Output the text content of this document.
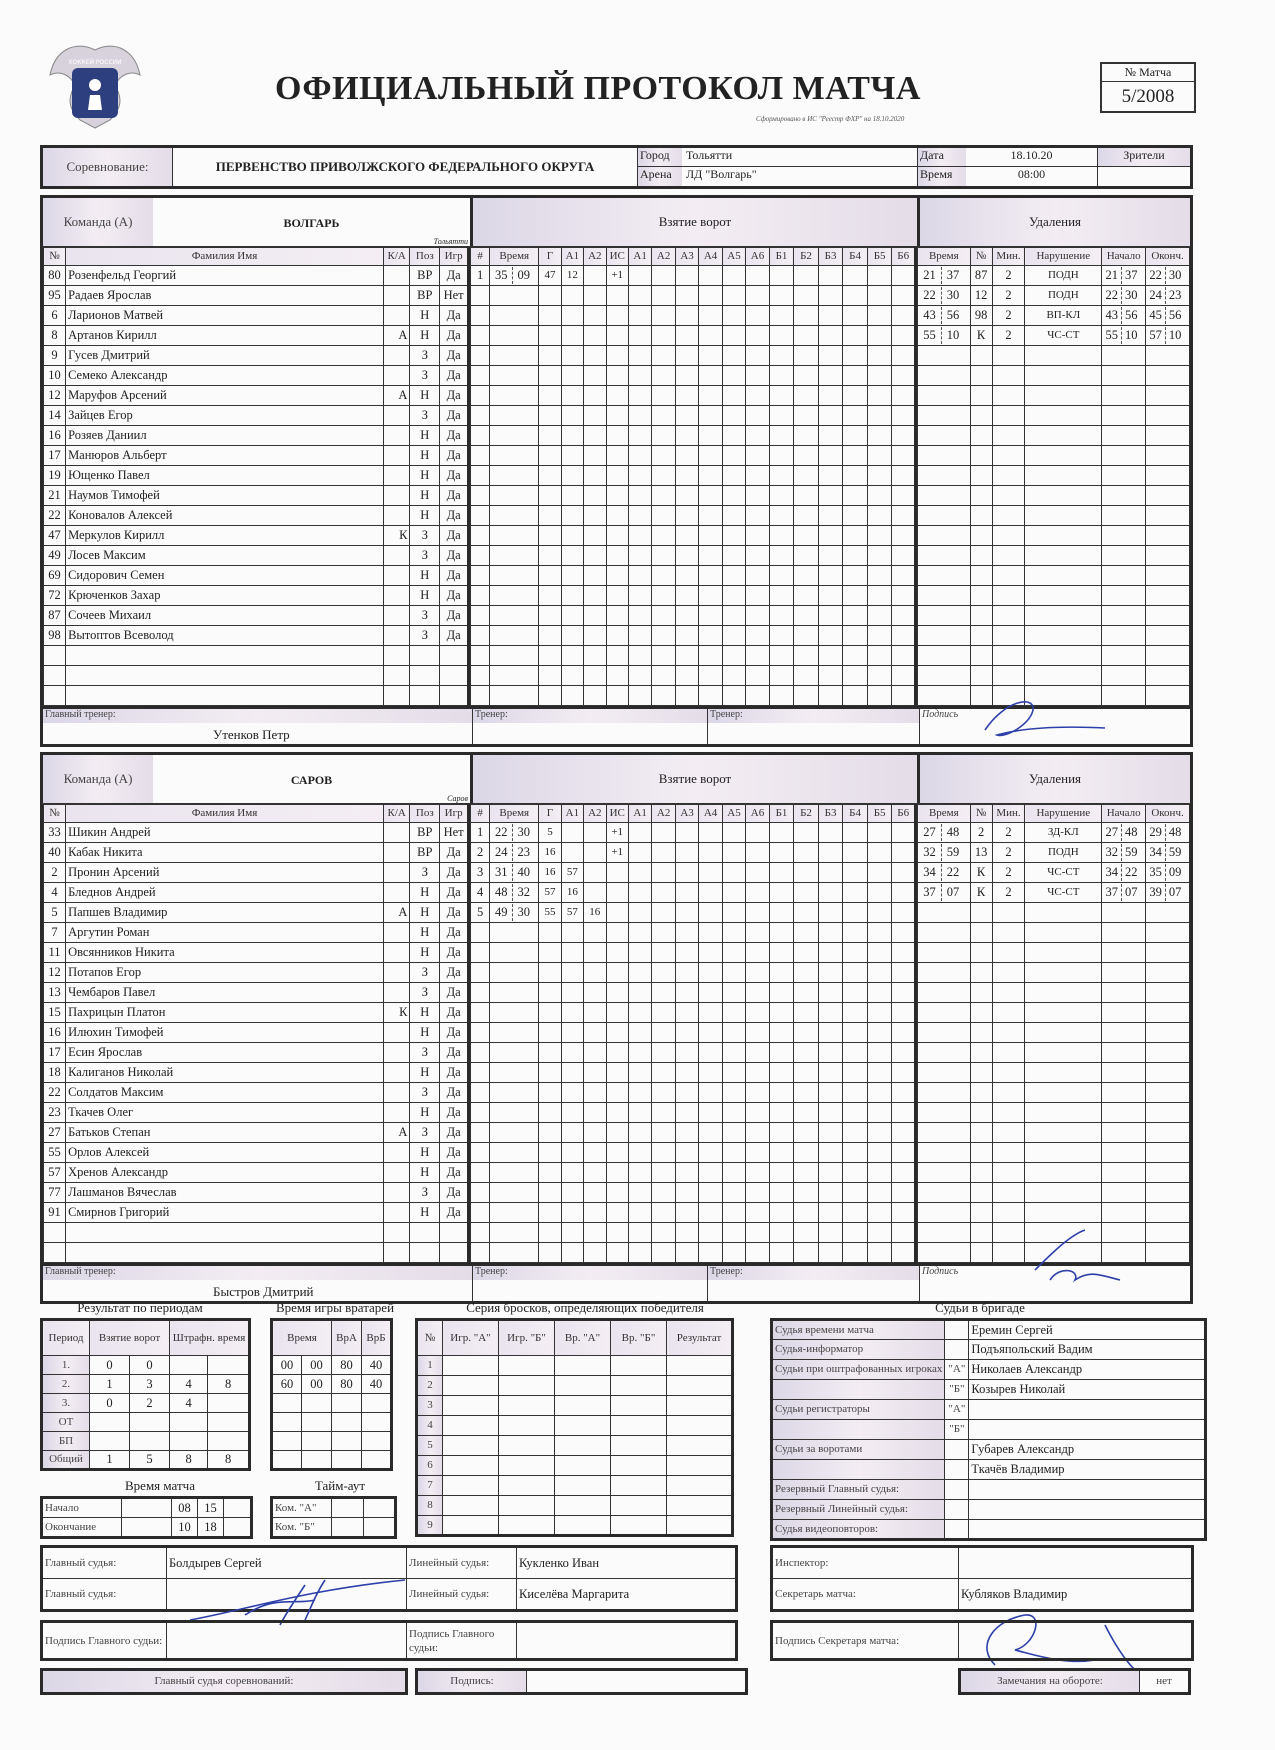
ХОККЕЙ РОССИИ
ОФИЦИАЛЬНЫЙ ПРОТОКОЛ МАТЧА
Сформировано в ИС "Реестр ФХР" на 18.10.2020
№ Матча
5/2008
Соревнование:	ПЕРВЕНСТВО ПРИВОЛЖСКОГО ФЕДЕРАЛЬНОГО ОКРУГА
Город	Тольятти
Арена	ЛД "Волгарь"
Дата	18.10.20
Время	08:00
Зрители
Команда (А)	ВОЛГАРЬ
Тольятти
Взятие ворот	Удаления
№	Фамилия Имя	К/А	Поз	Игр
80	Розенфельд Георгий		ВР	Да
95	Радаев Ярослав		ВР	Нет
6	Ларионов Матвей		Н	Да
8	Артанов Кирилл	А	Н	Да
9	Гусев Дмитрий		З	Да
10	Семеко Александр		З	Да
12	Маруфов Арсений	А	Н	Да
14	Зайцев Егор		З	Да
16	Розяев Даниил		Н	Да
17	Манюров Альберт		Н	Да
19	Ющенко Павел		Н	Да
21	Наумов Тимофей		Н	Да
22	Коновалов Алексей		Н	Да
47	Меркулов Кирилл	К	З	Да
49	Лосев Максим		З	Да
69	Сидорович Семен		Н	Да
72	Крюченков Захар		Н	Да
87	Сочеев Михаил		З	Да
98	Вытоптов Всеволод		З	Да

#	Время	Г	А1	А2	ИС	А1	А2	А3	А4	А5	А6	Б1	Б2	Б3	Б4	Б5	Б6
1	35 09	47	12		+1												

Время	№	Мин.	Нарушение	Начало	Оконч.

21 37	87	2	ПОДН	21 37	22 30

22 30	12	2	ПОДН	22 30	24 23

43 56	98	2	ВП-КЛ	43 56	45 56

55 10	К	2	ЧС-СТ	55 10	57 10

Главный тренер:
Утенков Петр
Тренер:	Тренер:	Подпись
Команда (А)	САРОВ
Саров
Взятие ворот	Удаления
№	Фамилия Имя	К/А	Поз	Игр
33	Шикин Андрей		ВР	Нет
40	Кабак Никита		ВР	Да
2	Пронин Арсений		З	Да
4	Бледнов Андрей		Н	Да
5	Папшев Владимир	А	Н	Да
7	Аргутин Роман		Н	Да
11	Овсянников Никита		Н	Да
12	Потапов Егор		З	Да
13	Чембаров Павел		З	Да
15	Пахрицын Платон	К	Н	Да
16	Илюхин Тимофей		Н	Да
17	Есин Ярослав		З	Да
18	Калиганов Николай		Н	Да
22	Солдатов Максим		З	Да
23	Ткачев Олег		Н	Да
27	Батьков Степан	А	З	Да
55	Орлов Алексей		Н	Да
57	Хренов Александр		Н	Да
77	Лашманов Вячеслав		З	Да
91	Смирнов Григорий		Н	Да

#	Время	Г	А1	А2	ИС	А1	А2	А3	А4	А5	А6	Б1	Б2	Б3	Б4	Б5	Б6
1	22 30	5			+1												
2	24 23	16			+1												
3	31 40	16	57														
4	48 32	57	16														
5	49 30	55	57	16													

Время	№	Мин.	Нарушение	Начало	Оконч.

27 48	2	2	ЗД-КЛ	27 48	29 48

32 59	13	2	ПОДН	32 59	34 59

34 22	К	2	ЧС-СТ	34 22	35 09

37 07	К	2	ЧС-СТ	37 07	39 07

Главный тренер:
Быстров Дмитрий
Тренер:	Тренер:	Подпись
Результат по периодам
Период	Взятие ворот		Штрафн. время	
1.	0	0		
2.	1	3	4	8
3.	0	2	4	
ОТ				
БП				
Общий	1	5	8	8
Время игры вратарей
Время		ВрА	ВрБ
00	00	80	40
60	00	80	40

Серия бросков, определяющих победителя
№	Игр. "А"	Игр. "Б"	Вр. "А"	Вр. "Б"	Результат
1					
2					
3					
4					
5					
6					
7					
8					
9					
Время матча
Начало		08	15	
Окончание		10	18	
Тайм-аут
Ком. "А"		
Ком. "Б"		
Судьи в бригаде
Судья времени матча		Еремин Сергей
Судья-информатор		Подъяпольский Вадим
Судьи при оштрафованных игроках	"А"	Николаев Александр
	"Б"	Козырев Николай
Судьи регистраторы	"А"	
	"Б"	
Судьи за воротами		Губарев Александр
		Ткачёв Владимир
Резервный Главный судья:		
Резервный Линейный судья:		
Судья видеоповторов:		
Главный судья:	Болдырев Сергей	Линейный судья:	Кукленко Иван
Главный судья:		Линейный судья:	Киселёва Маргарита
Инспектор:	
Секретарь матча:	Кубляков Владимир
Подпись Главного судьи:		Подпись Главного судьи:	
Подпись Секретаря матча:	
Главный судья соревнований:	Подпись:		Замечания на обороте:	нет
